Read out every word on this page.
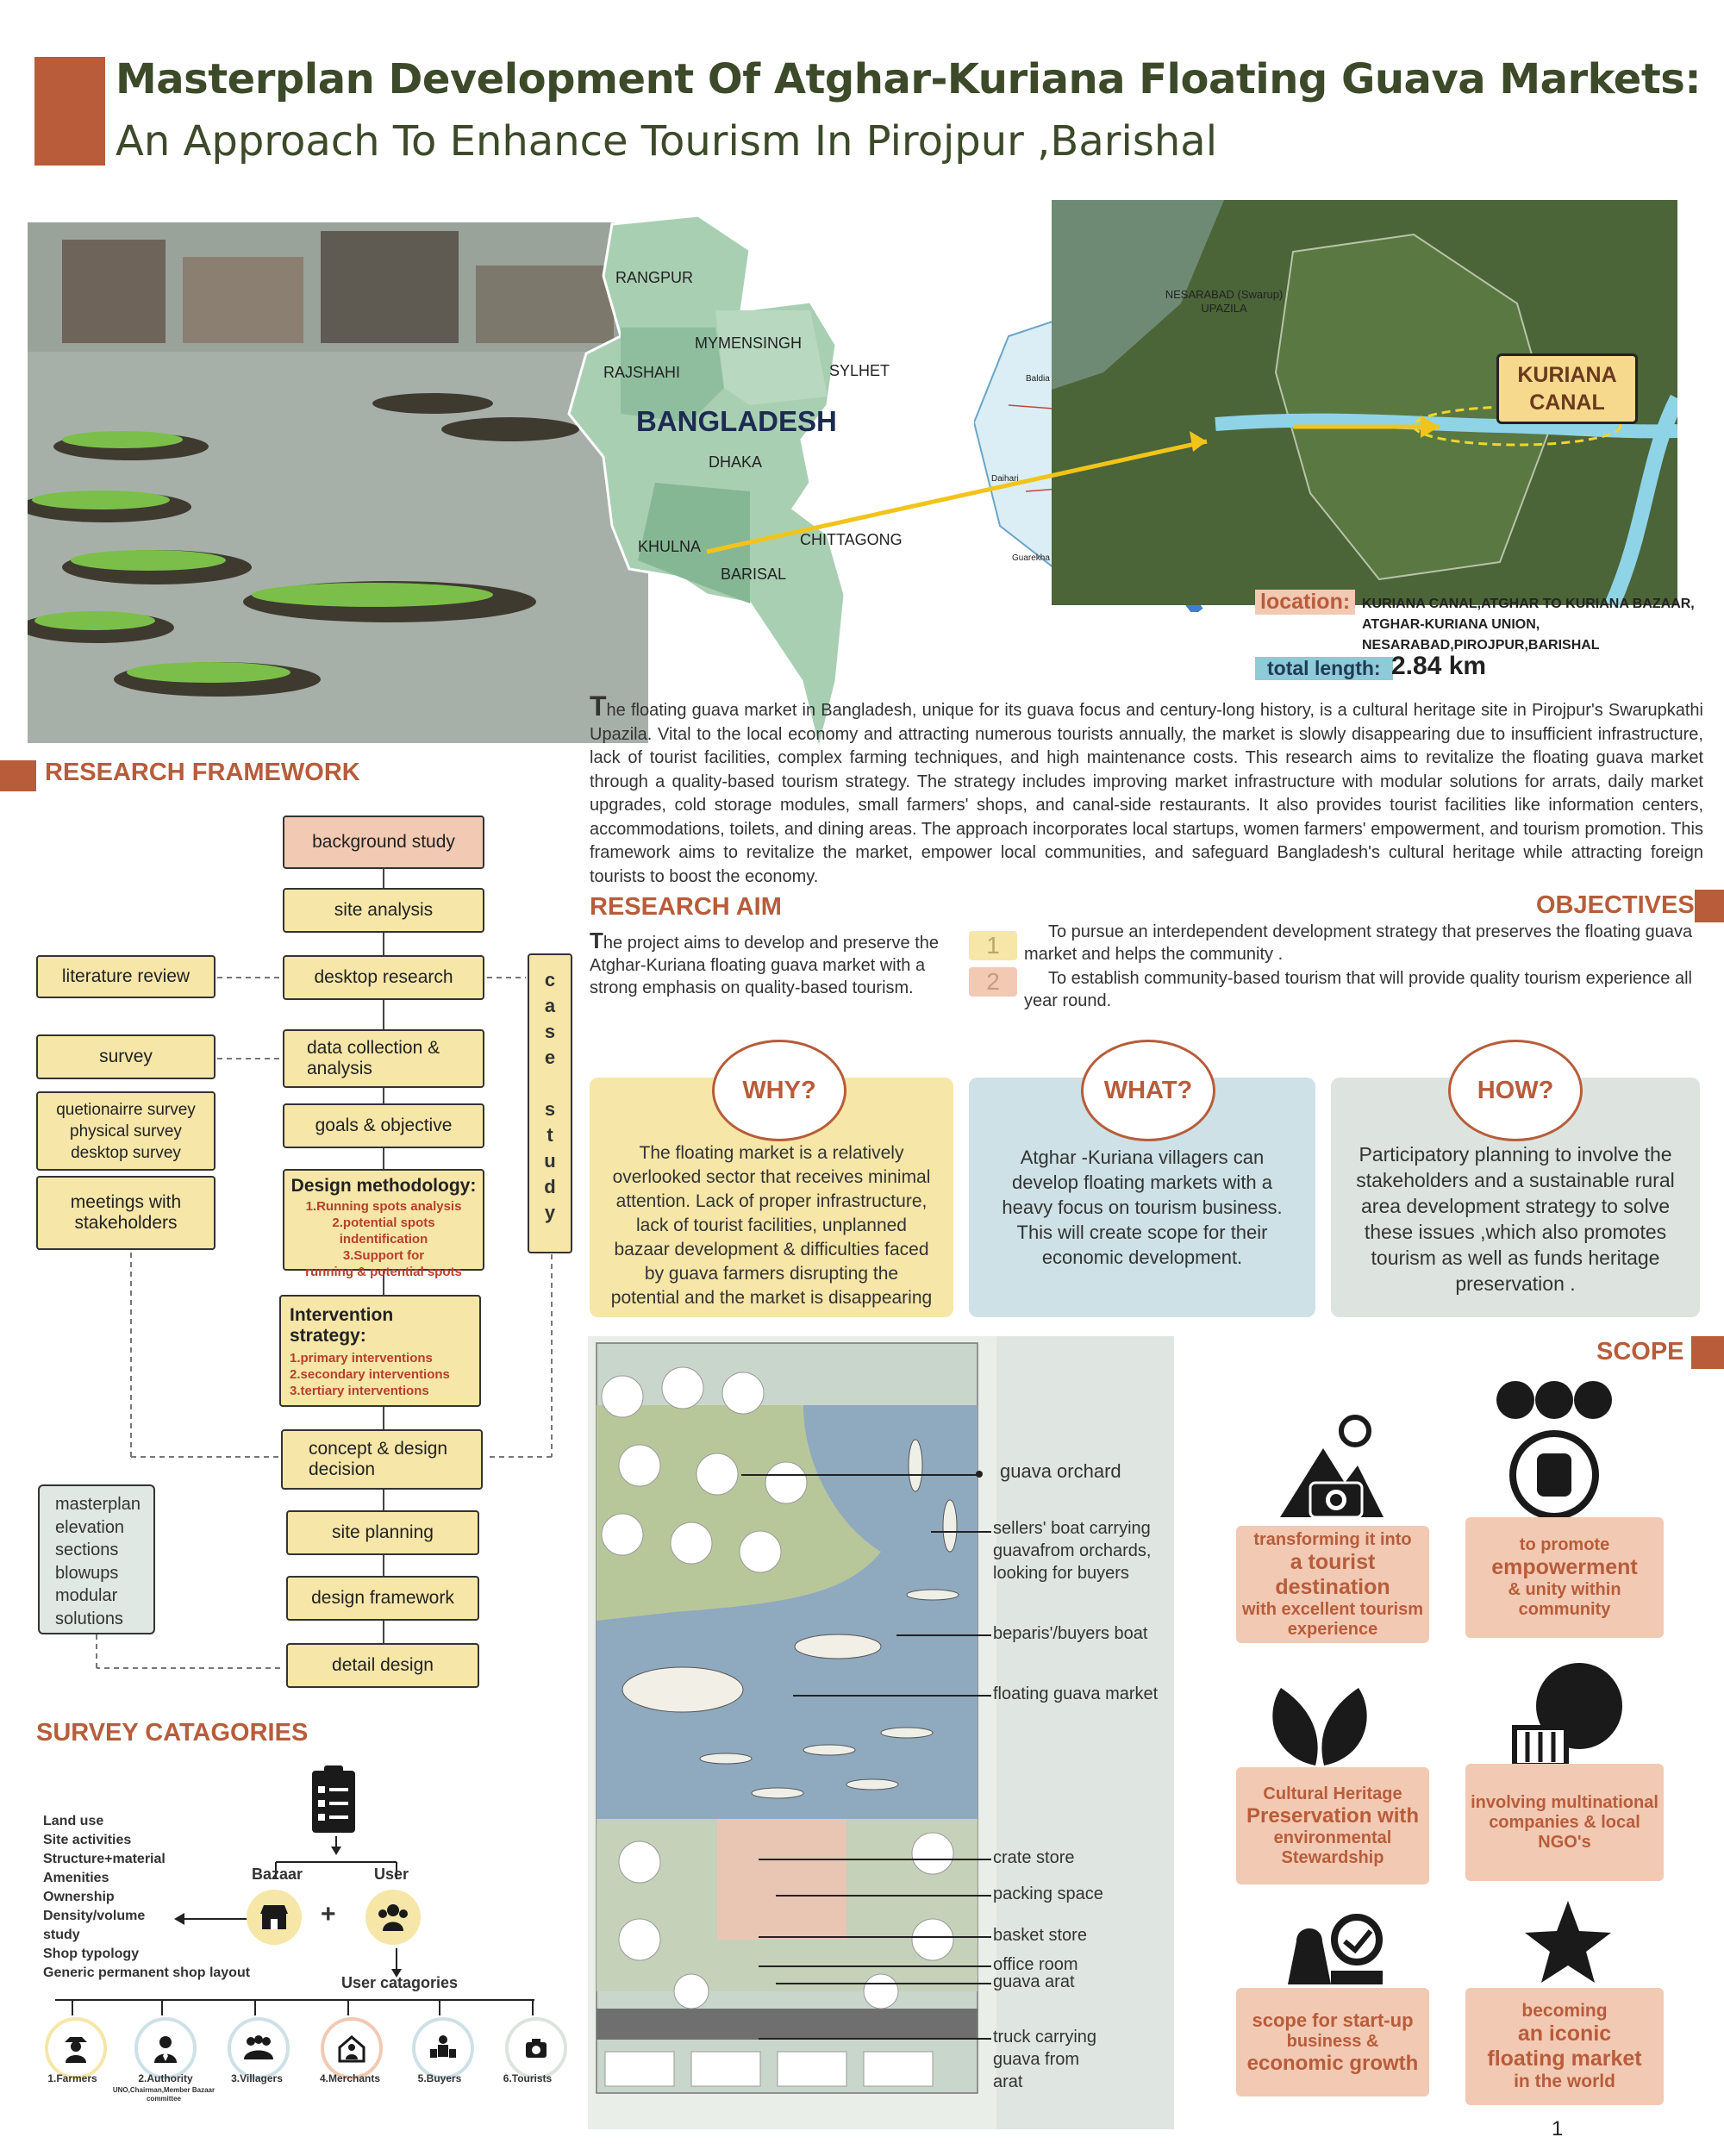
Masterplan Development Of Atghar-Kuriana Floating Guava Markets:
An Approach To Enhance Tourism In Pirojpur ,Barishal
RANGPUR
MYMENSINGH
RAJSHAHI	SYLHET
BANGLADESH
DHAKA
KHULNA	CHITTAGONG
BARISAL
Baldia
Daihari
Guarekha
NESARABAD (Swarup) UPAZILA
KURIANA CANAL
location: KURIANA CANAL,ATGHAR TO KURIANA BAZAAR,
ATGHAR-KURIANA UNION,
NESARABAD,PIROJPUR,BARISHAL
total length: 2.84 km
The floating guava market in Bangladesh, unique for its guava focus and century-long history, is a cultural heritage site in Pirojpur's Swarupkathi Upazila. Vital to the local economy and attracting numerous tourists annually, the market is slowly disappearing due to insufficient infrastructure, lack of tourist facilities, complex farming techniques, and high maintenance costs. This research aims to revitalize the floating guava market through a quality-based tourism strategy. The strategy includes improving market infrastructure with modular solutions for arrats, daily market upgrades, cold storage modules, small farmers' shops, and canal-side restaurants. It also provides tourist facilities like information centers, accommodations, toilets, and dining areas. The approach incorporates local startups, women farmers' empowerment, and tourism promotion. This framework aims to revitalize the market, empower local communities, and safeguard Bangladesh's cultural heritage while attracting foreign tourists to boost the economy.
RESEARCH FRAMEWORK
background study
site analysis
desktop research
literature review
survey
quetionairre survey
physical survey
desktop survey
meetings with stakeholders
data collection & analysis
goals & objective
Design methodology:
1.Running spots analysis
2.potential spots indentification
3.Support for
running & potential spots
Intervention strategy:
1.primary interventions
2.secondary interventions
3.tertiary interventions
c
a
s
e
s
t
u
d
y
concept & design decision
site planning
design framework
detail design
masterplan
elevation
sections
blowups
modular
solutions
RESEARCH AIM
The project aims to develop and preserve the Atghar-Kuriana floating guava market with a strong emphasis on quality-based tourism.
OBJECTIVES
1	To pursue an interdependent development strategy that preserves the floating guava market and helps the community .
2	To establish community-based tourism that will provide quality tourism experience all year round.
The floating market is a relatively overlooked sector that receives minimal attention. Lack of proper infrastructure, lack of tourist facilities, unplanned bazaar development & difficulties faced by guava farmers disrupting the potential and the market is disappearing
WHY?
Atghar -Kuriana villagers can develop floating markets with a heavy focus on tourism business. This will create scope for their economic development.
WHAT?
Participatory planning to involve the stakeholders and a sustainable rural area development strategy to solve these issues ,which also promotes tourism as well as funds heritage preservation .
HOW?
guava orchard
sellers' boat carrying
guavafrom orchards,
looking for buyers
beparis'/buyers boat
floating guava market
crate store
packing space
basket store
office room
guava arat
truck carrying
guava from
arat
SCOPE
transforming it into
a tourist destination
with excellent tourism
experience
to promote
empowerment
& unity within
community
Cultural Heritage
Preservation with
environmental
Stewardship
involving multinational
companies & local
NGO's
scope for start-up
business &
economic growth
becoming
an iconic
floating market
in the world
SURVEY CATAGORIES
Land use
Site activities
Structure+material
Amenities
Ownership
Density/volume
study
Shop typology
Generic permanent shop layout
Bazaar	User
+
User catagories
1.Farmers	2.Authority
UNO,Chairman,Member Bazaar committee
3.Villagers	4.Merchants	5.Buyers	6.Tourists
1
